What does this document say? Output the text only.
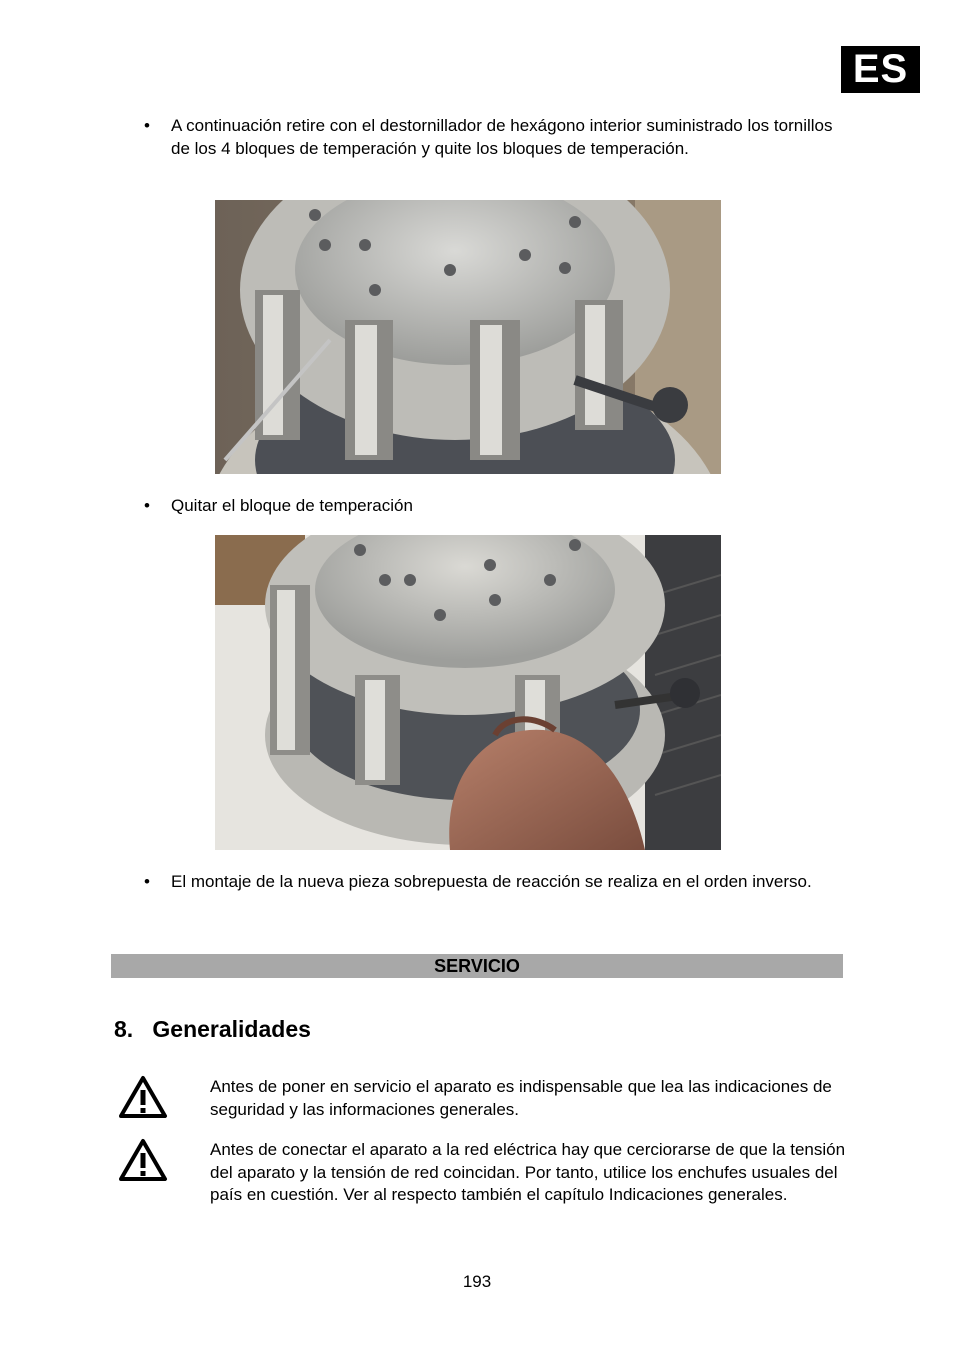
ES
• A continuación retire con el destornillador de hexágono interior suministrado los tornillos de los 4 bloques de temperación y quite los bloques de temperación.
• Quitar el bloque de temperación
• El montaje de la nueva pieza sobrepuesta de reacción se realiza en el orden inverso.
SERVICIO
8. Generalidades
Antes de poner en servicio el aparato es indispensable que lea las indicaciones de seguridad y las informaciones generales.
Antes de conectar el aparato a la red eléctrica hay que cerciorarse de que la tensión del aparato y la tensión de red coincidan. Por tanto, utilice los enchufes usuales del país en cuestión. Ver al respecto también el capítulo Indicaciones generales.
193
